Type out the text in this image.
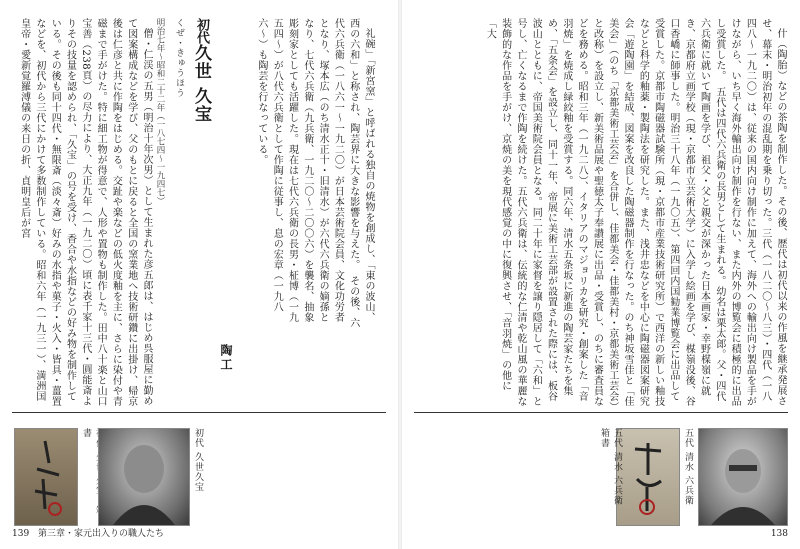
礼碗」「新宮窯」と呼ばれる独自の焼物を創成し、「東の波山、西の六和」と称され、陶芸界に大きな影響を与えた。　その後、六代六兵衛（一八六一〜一九二〇）が日本芸術院会員、文化功労者となり、塚本広（のち清水正十・旧清水）が六代六兵衛の嫡孫となり、七代六兵衛（九兵衛、一九二〇〜二〇〇六）を襲名、抽象彫刻家としても活躍した。現在は七代六兵衛の長男・柾博（一九五四〜）が八代六兵衛として作陶に従事し、息の宏章（一九八六〜）も陶芸を行なっている。

初代久世 久宝
くぜ・きゅうほう
明治七年〜昭和二十二年（一八七四〜一九四七）

僧・仁渓の五男（明治十年次男）として生まれた彦五郎は、はじめ呉服屋に勤めて図案構成などを学び、父のもとに戻ると全国の窯業地へ技術研鑽に出掛け、帰京後は仁彦と共に作陶をはじめる。交趾や楽などの低火度釉を主に、さらに染付や青磁まで手がけた。特に細工物が得意で、人形や置物も制作した。田中八十楽と山口宝善（238頁）の尽力により、大正九年（一九二〇）頃に表千家十三代・圓能斎よりその技量を認められ、「久宝」の号を受け、香合や水指などの好み物を制作している。その後も同十四代・無限斎（淡々斎）好みの水指や菓子・火入・皆具・薑置などを、初代から三代にかけて多数制作している。昭和六年（一九三一）、満洲国皇帝・愛新覚羅溥儀の来日の折、貞明皇后が宮

陶工
　書	初代 久世久宝
139 第三章・家元出入りの職人たち

什（陶胎）などの茶陶を制作した。その後、歴代は初代以来の作風を継承発展させ、幕末・明治初年の混乱期を乗り切った。三代（一八二〇〜八三）・四代（一八四八〜一九二〇）は、従来の国内向け制作に加えて、海外への輸出向け製品を手がけながら、いち早く海外輸出向け制作を行ない、また内外の博覧会に積極的に出品し受賞した。　五代は四代六兵衛の長男として生まれる。幼名は栗太郎。父・四代六兵衛に就いて陶画を学び、祖父・父と親交が深かった日本画家・幸野楳嶺に就き、京都府立画学校（現・京都市立芸術大学）に入学し絵画を学び、楳嶺没後、谷口香嶠に師事した。明治三十八年（一九〇五）、第四回内国勧業博覧会に出品して受賞した。京都市陶磁器試験所（現・京都市産業技術研究所）で西洋の新しい釉技などと科学的釉薬・製陶法を研究した。また、浅井忠などを中心に陶磁器図案研究会「遊陶園」を結成、図案を改良した陶磁器制作を行なった。のち神坂雪佳と「佳美会」（のち「京都美術工芸会」を合併し、佳都美会・佳都美村・京都美術工芸会）と改称）を設立し、新美術品展や聖徳太子奉讃展に出品・受賞し、のちに審査員などを務める。昭和三年（一九二八）、イタリアのマジョリカを研究・創案した「音羽焼」を焼成し緑絞釉を受賞する。同六年、清水五条坂に新進の陶芸家たちを集め、「五条会」を設立し、同十一年、帝展に美術工芸部が設置された際には、板谷波山とともに、帝国美術院会員となる。同二十年に家督を譲り隠居して「六和」と号し、亡くなるまで作陶を続けた。五代六兵衛は、伝統的な仁清や乾山風の華麗な装飾的な作品を手がけ、京焼の美を現代感覚の中に復興させ、「音羽焼」の他に「大

五代 清水 六兵衛
五代 清水 六兵衛　箱書
138
